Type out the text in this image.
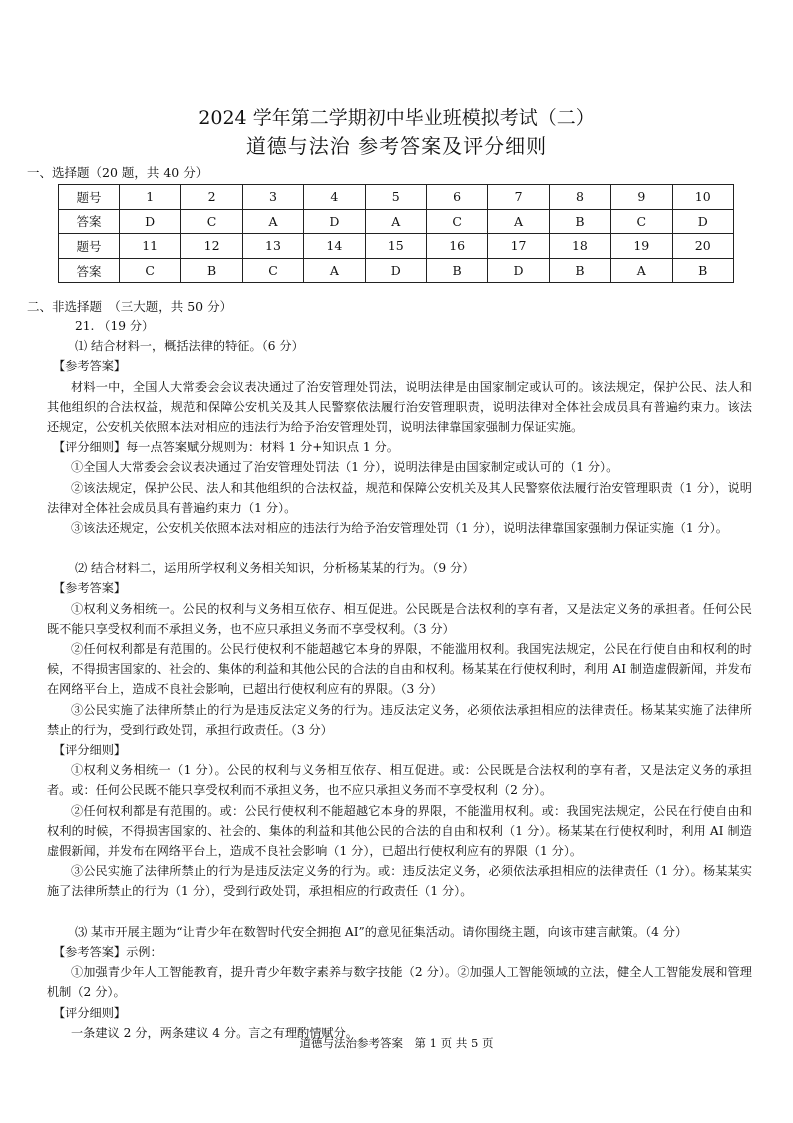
2024 学年第二学期初中毕业班模拟考试（二）
道德与法治 参考答案及评分细则
一、选择题（20 题，共 40 分）
题号	1	2	3	4	5	6	7	8	9	10
答案	D	C	A	D	A	C	A	B	C	D
题号	11	12	13	14	15	16	17	18	19	20
答案	C	B	C	A	D	B	D	B	A	B
二、非选择题　（三大题，共 50 分）

21. （19 分）

⑴ 结合材料一，概括法律的特征。（6 分）

【参考答案】

材料一中，全国人大常委会会议表决通过了治安管理处罚法，说明法律是由国家制定或认可的。该法规定，保护公民、法人和其他组织的合法权益，规范和保障公安机关及其人民警察依法履行治安管理职责，说明法律对全体社会成员具有普遍约束力。该法还规定，公安机关依照本法对相应的违法行为给予治安管理处罚，说明法律靠国家强制力保证实施。

【评分细则】每一点答案赋分规则为：材料 1 分+知识点 1 分。

①全国人大常委会会议表决通过了治安管理处罚法（1 分），说明法律是由国家制定或认可的（1 分）。

②该法规定，保护公民、法人和其他组织的合法权益，规范和保障公安机关及其人民警察依法履行治安管理职责（1 分），说明法律对全体社会成员具有普遍约束力（1 分）。

③该法还规定，公安机关依照本法对相应的违法行为给予治安管理处罚（1 分），说明法律靠国家强制力保证实施（1 分）。

⑵ 结合材料二，运用所学权利义务相关知识，分析杨某某的行为。（9 分）

【参考答案】

①权利义务相统一。公民的权利与义务相互依存、相互促进。公民既是合法权利的享有者，又是法定义务的承担者。任何公民既不能只享受权利而不承担义务，也不应只承担义务而不享受权利。（3 分）

②任何权利都是有范围的。公民行使权利不能超越它本身的界限，不能滥用权利。我国宪法规定，公民在行使自由和权利的时候，不得损害国家的、社会的、集体的利益和其他公民的合法的自由和权利。杨某某在行使权利时，利用 AI 制造虚假新闻，并发布在网络平台上，造成不良社会影响，已超出行使权利应有的界限。（3 分）

③公民实施了法律所禁止的行为是违反法定义务的行为。违反法定义务，必须依法承担相应的法律责任。杨某某实施了法律所禁止的行为，受到行政处罚，承担行政责任。（3 分）

【评分细则】

①权利义务相统一（1 分）。公民的权利与义务相互依存、相互促进。或：公民既是合法权利的享有者，又是法定义务的承担者。或：任何公民既不能只享受权利而不承担义务，也不应只承担义务而不享受权利（2 分）。

②任何权利都是有范围的。或：公民行使权利不能超越它本身的界限，不能滥用权利。或：我国宪法规定，公民在行使自由和权利的时候，不得损害国家的、社会的、集体的利益和其他公民的合法的自由和权利（1 分）。杨某某在行使权利时，利用 AI 制造虚假新闻，并发布在网络平台上，造成不良社会影响（1 分），已超出行使权利应有的界限（1 分）。

③公民实施了法律所禁止的行为是违反法定义务的行为。或：违反法定义务，必须依法承担相应的法律责任（1 分）。杨某某实施了法律所禁止的行为（1 分），受到行政处罚，承担相应的行政责任（1 分）。

⑶ 某市开展主题为“让青少年在数智时代安全拥抱 AI”的意见征集活动。请你围绕主题，向该市建言献策。（4 分）

【参考答案】示例：

①加强青少年人工智能教育，提升青少年数字素养与数字技能（2 分）。②加强人工智能领域的立法，健全人工智能发展和管理机制（2 分）。

【评分细则】

一条建议 2 分，两条建议 4 分。言之有理酌情赋分。

道德与法治参考答案　第 1 页 共 5 页
